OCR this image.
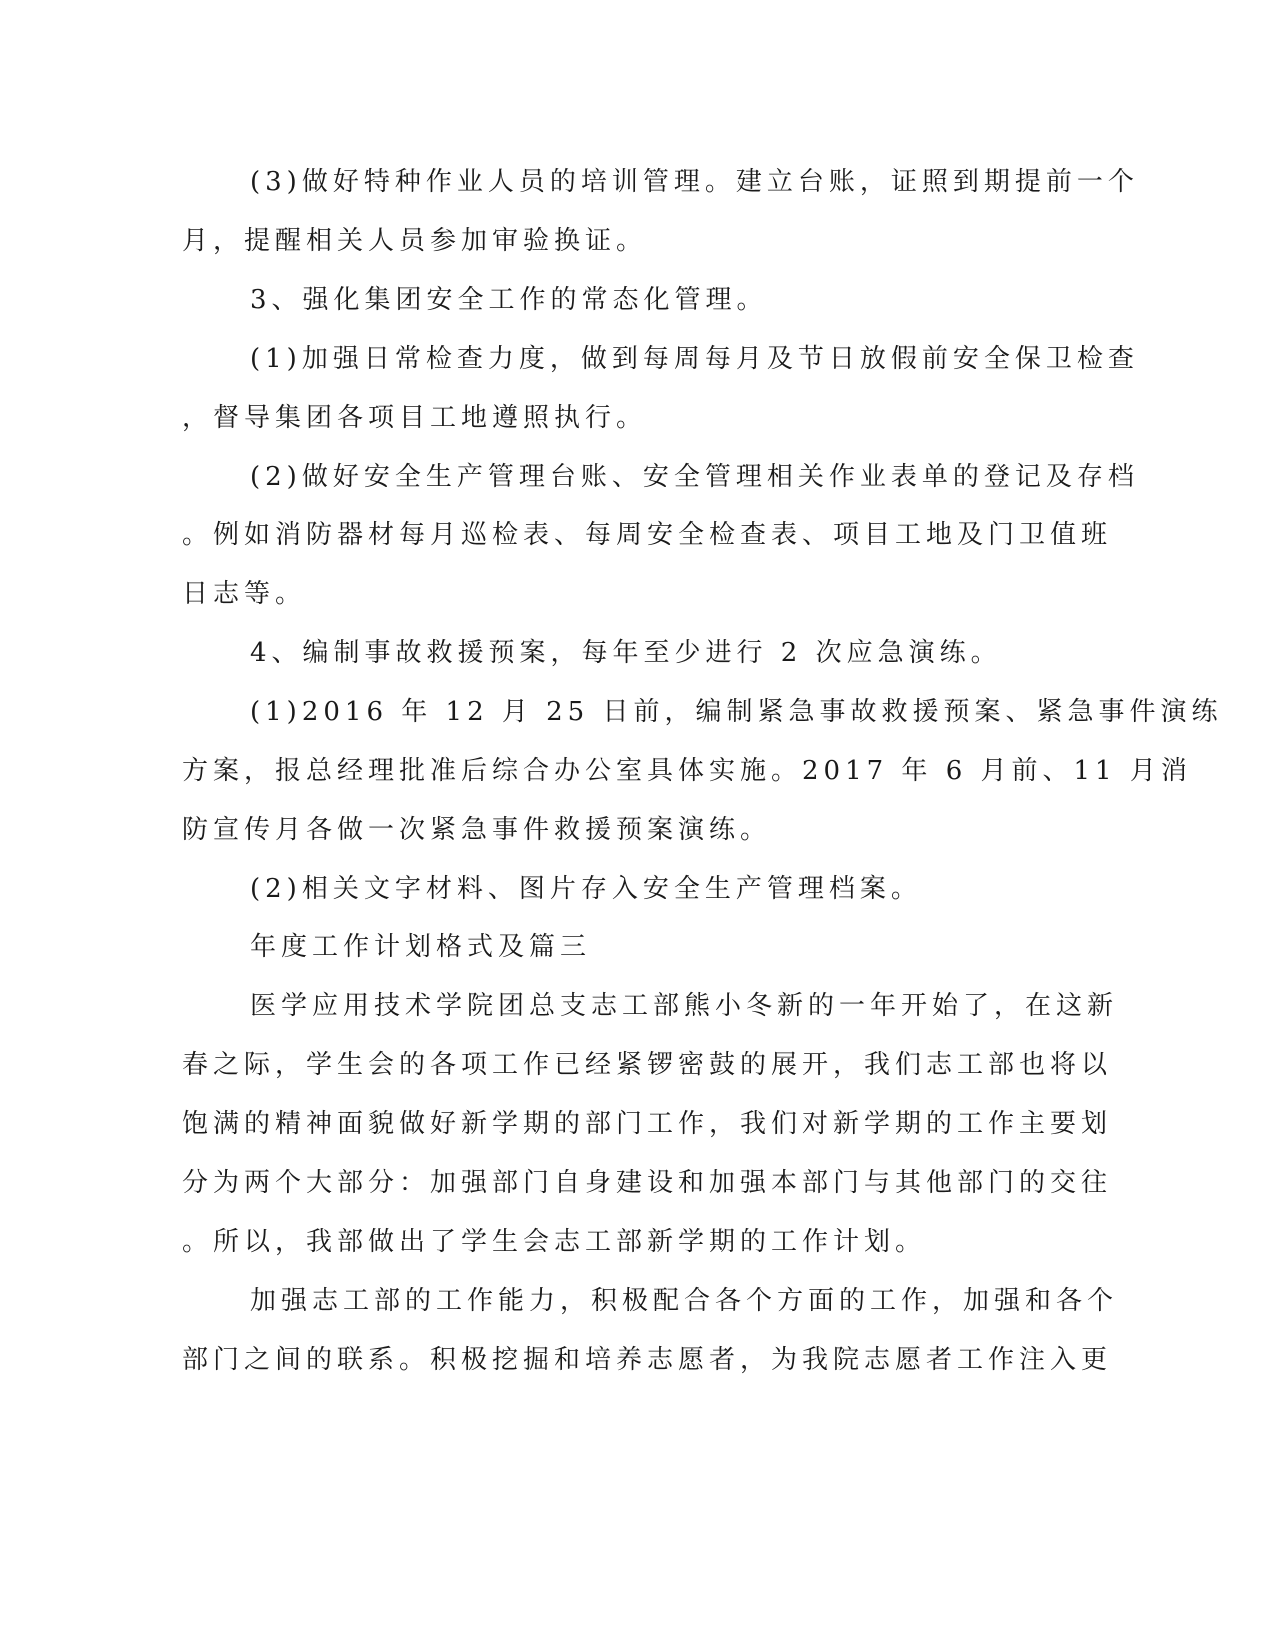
(3)做好特种作业人员的培训管理。建立台账，证照到期提前一个
月，提醒相关人员参加审验换证。
3、强化集团安全工作的常态化管理。
(1)加强日常检查力度，做到每周每月及节日放假前安全保卫检查
，督导集团各项目工地遵照执行。
(2)做好安全生产管理台账、安全管理相关作业表单的登记及存档
。例如消防器材每月巡检表、每周安全检查表、项目工地及门卫值班
日志等。
4、编制事故救援预案，每年至少进行 2 次应急演练。
(1)2016 年 12 月 25 日前，编制紧急事故救援预案、紧急事件演练
方案，报总经理批准后综合办公室具体实施。2017 年 6 月前、11 月消
防宣传月各做一次紧急事件救援预案演练。
(2)相关文字材料、图片存入安全生产管理档案。
年度工作计划格式及篇三
医学应用技术学院团总支志工部熊小冬新的一年开始了，在这新
春之际，学生会的各项工作已经紧锣密鼓的展开，我们志工部也将以
饱满的精神面貌做好新学期的部门工作，我们对新学期的工作主要划
分为两个大部分：加强部门自身建设和加强本部门与其他部门的交往
。所以，我部做出了学生会志工部新学期的工作计划。
加强志工部的工作能力，积极配合各个方面的工作，加强和各个
部门之间的联系。积极挖掘和培养志愿者，为我院志愿者工作注入更
